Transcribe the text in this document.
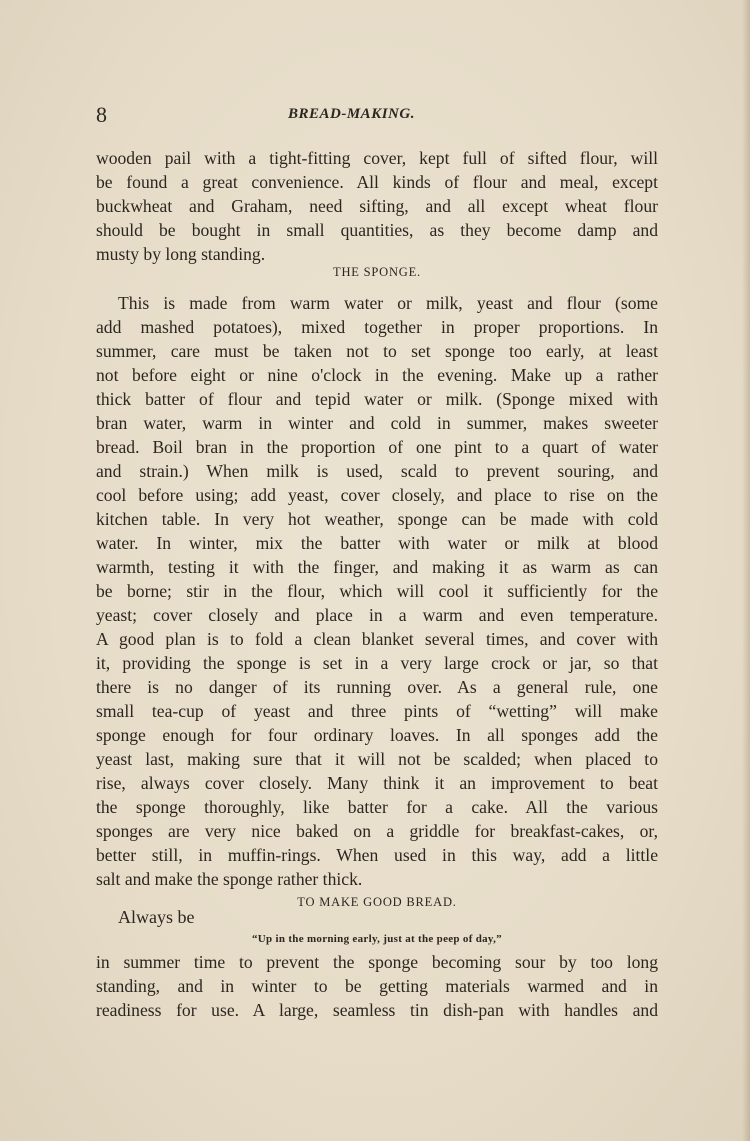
8	BREAD-MAKING.
wooden pail with a tight-fitting cover, kept full of sifted flour, will
be found a great convenience. All kinds of flour and meal, except
buckwheat and Graham, need sifting, and all except wheat flour
should be bought in small quantities, as they become damp and
musty by long standing.
THE SPONGE.
This is made from warm water or milk, yeast and flour (some
add mashed potatoes), mixed together in proper proportions. In
summer, care must be taken not to set sponge too early, at least
not before eight or nine o'clock in the evening. Make up a rather
thick batter of flour and tepid water or milk. (Sponge mixed with
bran water, warm in winter and cold in summer, makes sweeter
bread. Boil bran in the proportion of one pint to a quart of water
and strain.) When milk is used, scald to prevent souring, and
cool before using; add yeast, cover closely, and place to rise on the
kitchen table. In very hot weather, sponge can be made with cold
water. In winter, mix the batter with water or milk at blood
warmth, testing it with the finger, and making it as warm as can
be borne; stir in the flour, which will cool it sufficiently for the
yeast; cover closely and place in a warm and even temperature.
A good plan is to fold a clean blanket several times, and cover with
it, providing the sponge is set in a very large crock or jar, so that
there is no danger of its running over. As a general rule, one
small tea-cup of yeast and three pints of “wetting” will make
sponge enough for four ordinary loaves. In all sponges add the
yeast last, making sure that it will not be scalded; when placed to
rise, always cover closely. Many think it an improvement to beat
the sponge thoroughly, like batter for a cake. All the various
sponges are very nice baked on a griddle for breakfast-cakes, or,
better still, in muffin-rings. When used in this way, add a little
salt and make the sponge rather thick.
TO MAKE GOOD BREAD.
Always be
“Up in the morning early, just at the peep of day,”
in summer time to prevent the sponge becoming sour by too long
standing, and in winter to be getting materials warmed and in
readiness for use. A large, seamless tin dish-pan with handles and
